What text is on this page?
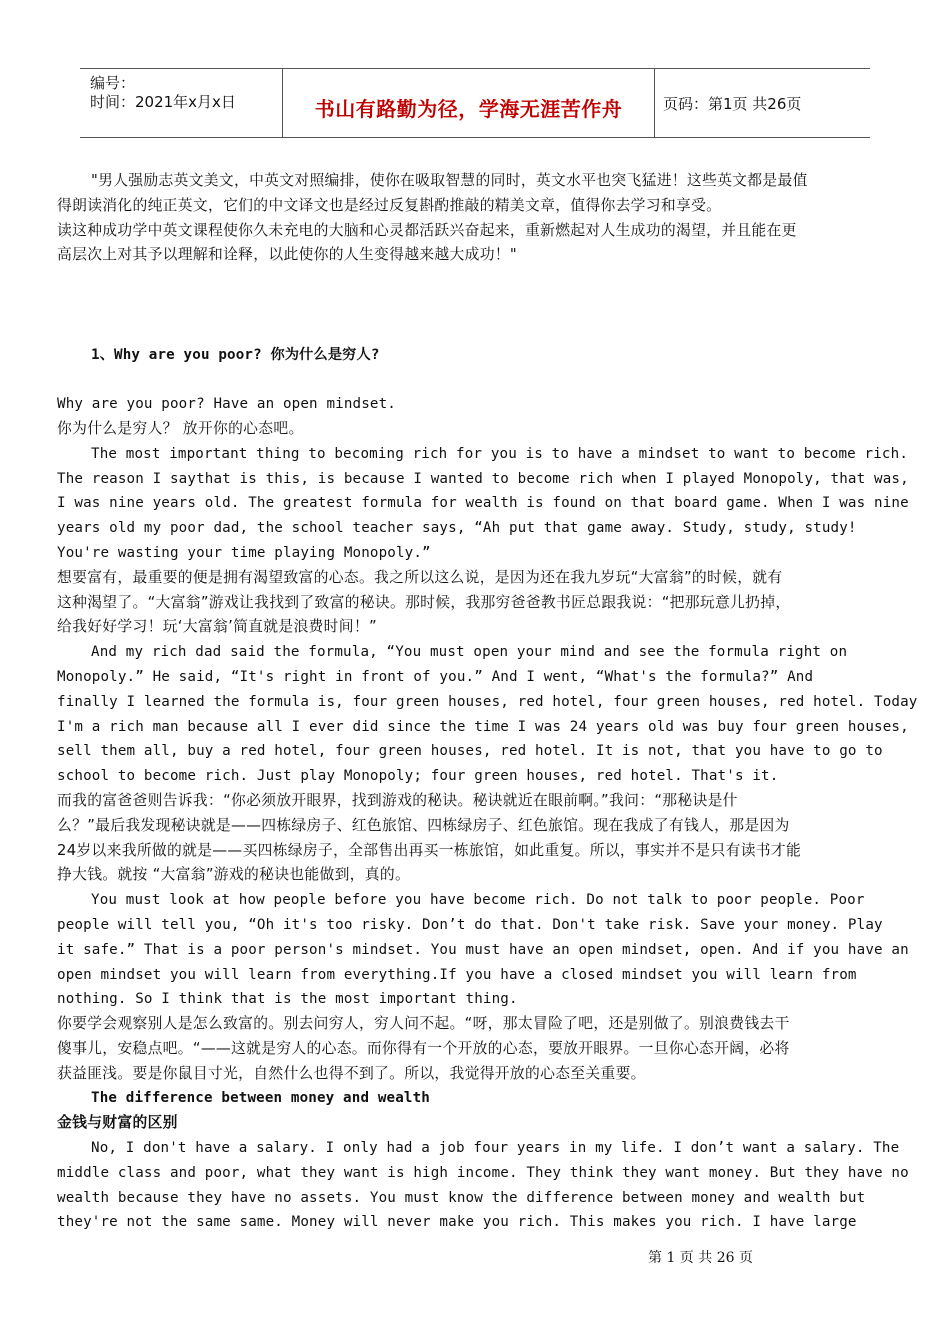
编号：
时间：2021年x月x日	书山有路勤为径，学海无涯苦作舟	页码：第1页 共26页
"男人强励志英文美文，中英文对照编排，使你在吸取智慧的同时，英文水平也突飞猛进！这些英文都是最值
得朗读消化的纯正英文，它们的中文译文也是经过反复斟酌推敲的精美文章，值得你去学习和享受。
读这种成功学中英文课程使你久未充电的大脑和心灵都活跃兴奋起来，重新燃起对人生成功的渴望，并且能在更
高层次上对其予以理解和诠释，以此使你的人生变得越来越大成功！"
1、Why are you poor? 你为什么是穷人?
Why are you poor? Have an open mindset.
你为什么是穷人？ 放开你的心态吧。
The most important thing to becoming rich for you is to have a mindset to want to become rich.
The reason I saythat is this, is because I wanted to become rich when I played Monopoly, that was,
I was nine years old. The greatest formula for wealth is found on that board game. When I was nine
years old my poor dad, the school teacher says, “Ah put that game away. Study, study, study!
You're wasting your time playing Monopoly.”
想要富有，最重要的便是拥有渴望致富的心态。我之所以这么说，是因为还在我九岁玩“大富翁”的时候，就有
这种渴望了。“大富翁”游戏让我找到了致富的秘诀。那时候，我那穷爸爸教书匠总跟我说：“把那玩意儿扔掉，
给我好好学习！玩‘大富翁’简直就是浪费时间！”
And my rich dad said the formula, “You must open your mind and see the formula right on
Monopoly.” He said, “It's right in front of you.” And I went, “What's the formula?” And
finally I learned the formula is, four green houses, red hotel, four green houses, red hotel. Today
I'm a rich man because all I ever did since the time I was 24 years old was buy four green houses,
sell them all, buy a red hotel, four green houses, red hotel. It is not, that you have to go to
school to become rich. Just play Monopoly; four green houses, red hotel. That's it.
而我的富爸爸则告诉我：“你必须放开眼界，找到游戏的秘诀。秘诀就近在眼前啊。”我问：“那秘诀是什
么？”最后我发现秘诀就是——四栋绿房子、红色旅馆、四栋绿房子、红色旅馆。现在我成了有钱人，那是因为
24岁以来我所做的就是——买四栋绿房子，全部售出再买一栋旅馆，如此重复。所以，事实并不是只有读书才能
挣大钱。就按 “大富翁”游戏的秘诀也能做到，真的。
You must look at how people before you have become rich. Do not talk to poor people. Poor
people will tell you, “Oh it's too risky. Don’t do that. Don't take risk. Save your money. Play
it safe.” That is a poor person's mindset. You must have an open mindset, open. And if you have an
open mindset you will learn from everything.If you have a closed mindset you will learn from
nothing. So I think that is the most important thing.
你要学会观察别人是怎么致富的。别去问穷人，穷人问不起。“呀，那太冒险了吧，还是别做了。别浪费钱去干
傻事儿，安稳点吧。“——这就是穷人的心态。而你得有一个开放的心态，要放开眼界。一旦你心态开阔，必将
获益匪浅。要是你鼠目寸光，自然什么也得不到了。所以，我觉得开放的心态至关重要。
The difference between money and wealth
金钱与财富的区别
No, I don't have a salary. I only had a job four years in my life. I don’t want a salary. The
middle class and poor, what they want is high income. They think they want money. But they have no
wealth because they have no assets. You must know the difference between money and wealth but
they're not the same same. Money will never make you rich. This makes you rich. I have large
第 1 页 共 26 页
